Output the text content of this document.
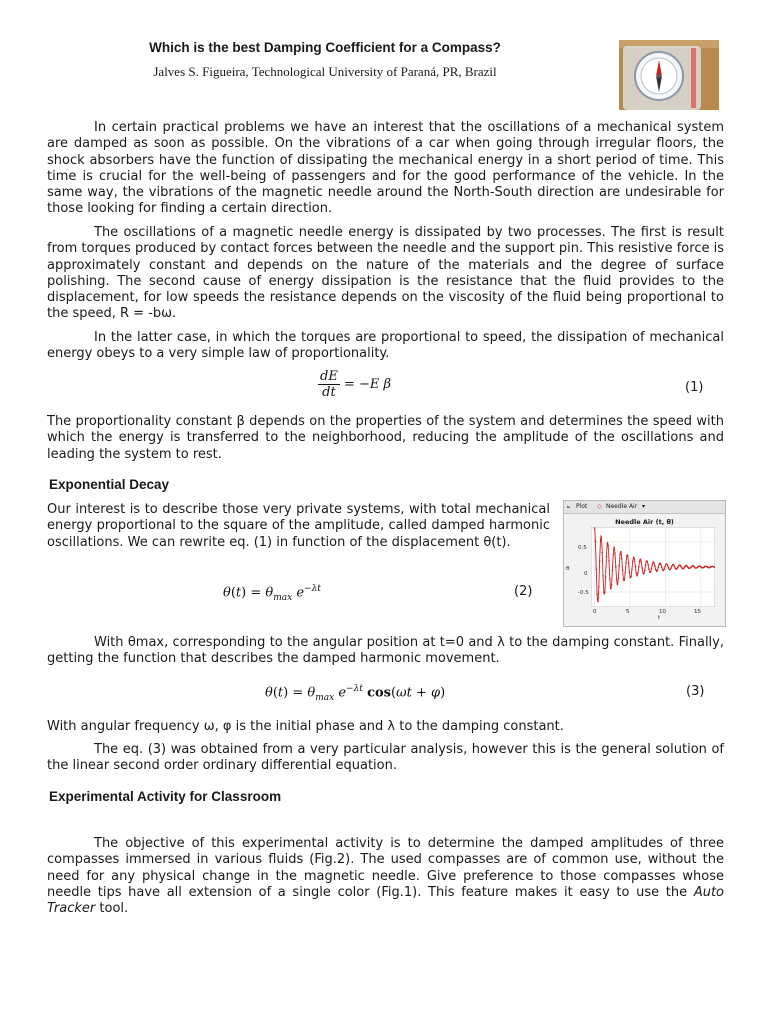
Which is the best Damping Coefficient for a Compass?
Jalves S. Figueira, Technological University of Paraná, PR, Brazil

In certain practical problems we have an interest that the oscillations of a mechanical system are damped as soon as possible. On the vibrations of a car when going through irregular floors, the shock absorbers have the function of dissipating the mechanical energy in a short period of time. This time is crucial for the well-being of passengers and for the good performance of the vehicle. In the same way, the vibrations of the magnetic needle around the North-South direction are undesirable for those looking for finding a certain direction.

The oscillations of a magnetic needle energy is dissipated by two processes. The first is result from torques produced by contact forces between the needle and the support pin. This resistive force is approximately constant and depends on the nature of the materials and the degree of surface polishing. The second cause of energy dissipation is the resistance that the fluid provides to the displacement, for low speeds the resistance depends on the viscosity of the fluid being proportional to the speed, R = -bω.

In the latter case, in which the torques are proportional to speed, the dissipation of mechanical energy obeys to a very simple law of proportionality.

$\frac{dE}{dt} = -E$ β	(1)

The proportionality constant β depends on the properties of the system and determines the speed with which the energy is transferred to the neighborhood, reducing the amplitude of the oscillations and leading the system to rest.

Exponential Decay

Our interest is to describe those very private systems, with total mechanical energy proportional to the square of the amplitude, called damped harmonic oscillations. We can rewrite eq. (1) in function of the displacement θ(t).

$\theta(t) = \theta_{max}$ $e^{-\lambda t}$	(2)
⟀ Plot ◇ Needle Air ▾
Needle Air (t, θ)
θ
t
0.5
0
-0.5
0	5	10	15

With θmax, corresponding to the angular position at t=0 and λ to the damping constant. Finally, getting the function that describes the damped harmonic movement.

$\theta(t) = \theta_{max}$ $e^{-\lambda t}$ cos(ωt + φ)	(3)

With angular frequency ω, φ is the initial phase and λ to the damping constant.

The eq. (3) was obtained from a very particular analysis, however this is the general solution of the linear second order ordinary differential equation.

Experimental Activity for Classroom

The objective of this experimental activity is to determine the damped amplitudes of three compasses immersed in various fluids (Fig.2). The used compasses are of common use, without the need for any physical change in the magnetic needle. Give preference to those compasses whose needle tips have all extension of a single color (Fig.1). This feature makes it easy to use the Auto Tracker tool.
